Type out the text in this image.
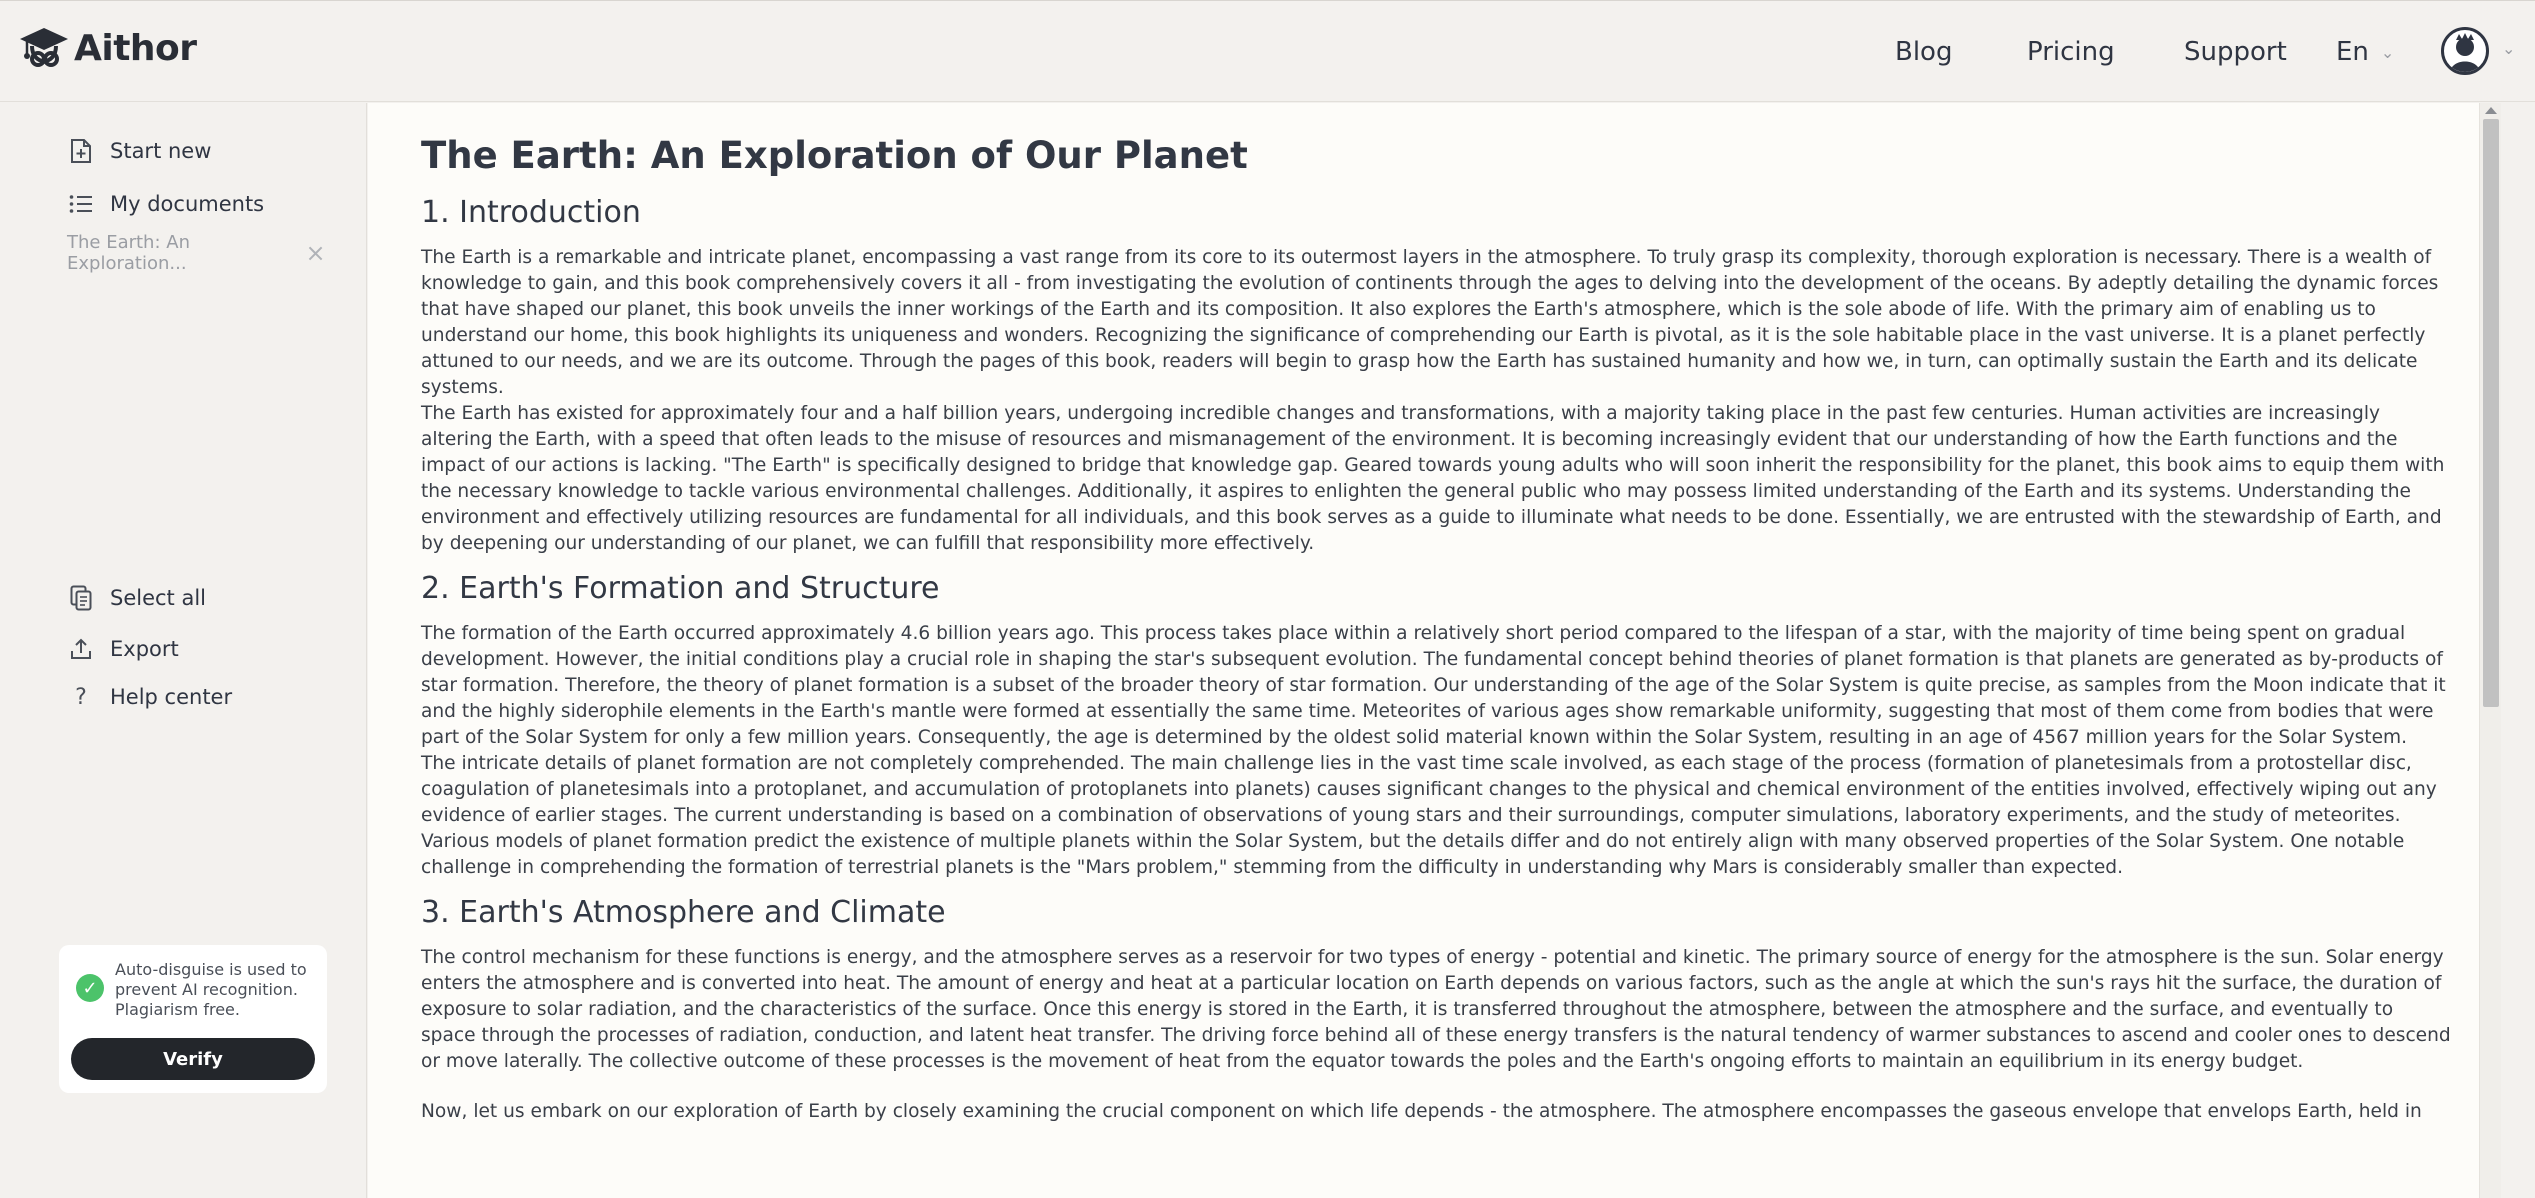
Aithor	Blog	Pricing	Support En ⌄	⌄
Start new
My documents
The Earth: An Exploration...	×
Select all
Export
?	Help center
✓
Auto-disguise is used to prevent AI recognition. Plagiarism free.
Verify
The Earth: An Exploration of Our Planet
1. Introduction

The Earth is a remarkable and intricate planet, encompassing a vast range from its core to its outermost layers in the atmosphere. To truly grasp its complexity, thorough exploration is necessary. There is a wealth of knowledge to gain, and this book comprehensively covers it all - from investigating the evolution of continents through the ages to delving into the development of the oceans. By adeptly detailing the dynamic forces that have shaped our planet, this book unveils the inner workings of the Earth and its composition. It also explores the Earth's atmosphere, which is the sole abode of life. With the primary aim of enabling us to understand our home, this book highlights its uniqueness and wonders. Recognizing the significance of comprehending our Earth is pivotal, as it is the sole habitable place in the vast universe. It is a planet perfectly attuned to our needs, and we are its outcome. Through the pages of this book, readers will begin to grasp how the Earth has sustained humanity and how we, in turn, can optimally sustain the Earth and its delicate systems.

The Earth has existed for approximately four and a half billion years, undergoing incredible changes and transformations, with a majority taking place in the past few centuries. Human activities are increasingly altering the Earth, with a speed that often leads to the misuse of resources and mismanagement of the environment. It is becoming increasingly evident that our understanding of how the Earth functions and the impact of our actions is lacking. "The Earth" is specifically designed to bridge that knowledge gap. Geared towards young adults who will soon inherit the responsibility for the planet, this book aims to equip them with the necessary knowledge to tackle various environmental challenges. Additionally, it aspires to enlighten the general public who may possess limited understanding of the Earth and its systems. Understanding the environment and effectively utilizing resources are fundamental for all individuals, and this book serves as a guide to illuminate what needs to be done. Essentially, we are entrusted with the stewardship of Earth, and by deepening our understanding of our planet, we can fulfill that responsibility more effectively.

2. Earth's Formation and Structure

The formation of the Earth occurred approximately 4.6 billion years ago. This process takes place within a relatively short period compared to the lifespan of a star, with the majority of time being spent on gradual development. However, the initial conditions play a crucial role in shaping the star's subsequent evolution. The fundamental concept behind theories of planet formation is that planets are generated as by-products of star formation. Therefore, the theory of planet formation is a subset of the broader theory of star formation. Our understanding of the age of the Solar System is quite precise, as samples from the Moon indicate that it and the highly siderophile elements in the Earth's mantle were formed at essentially the same time. Meteorites of various ages show remarkable uniformity, suggesting that most of them come from bodies that were part of the Solar System for only a few million years. Consequently, the age is determined by the oldest solid material known within the Solar System, resulting in an age of 4567 million years for the Solar System.

The intricate details of planet formation are not completely comprehended. The main challenge lies in the vast time scale involved, as each stage of the process (formation of planetesimals from a protostellar disc, coagulation of planetesimals into a protoplanet, and accumulation of protoplanets into planets) causes significant changes to the physical and chemical environment of the entities involved, effectively wiping out any evidence of earlier stages. The current understanding is based on a combination of observations of young stars and their surroundings, computer simulations, laboratory experiments, and the study of meteorites. Various models of planet formation predict the existence of multiple planets within the Solar System, but the details differ and do not entirely align with many observed properties of the Solar System. One notable challenge in comprehending the formation of terrestrial planets is the "Mars problem," stemming from the difficulty in understanding why Mars is considerably smaller than expected.

3. Earth's Atmosphere and Climate

The control mechanism for these functions is energy, and the atmosphere serves as a reservoir for two types of energy - potential and kinetic. The primary source of energy for the atmosphere is the sun. Solar energy enters the atmosphere and is converted into heat. The amount of energy and heat at a particular location on Earth depends on various factors, such as the angle at which the sun's rays hit the surface, the duration of exposure to solar radiation, and the characteristics of the surface. Once this energy is stored in the Earth, it is transferred throughout the atmosphere, between the atmosphere and the surface, and eventually to space through the processes of radiation, conduction, and latent heat transfer. The driving force behind all of these energy transfers is the natural tendency of warmer substances to ascend and cooler ones to descend or move laterally. The collective outcome of these processes is the movement of heat from the equator towards the poles and the Earth's ongoing efforts to maintain an equilibrium in its energy budget.

Now, let us embark on our exploration of Earth by closely examining the crucial component on which life depends - the atmosphere. The atmosphere encompasses the gaseous envelope that envelops Earth, held in
